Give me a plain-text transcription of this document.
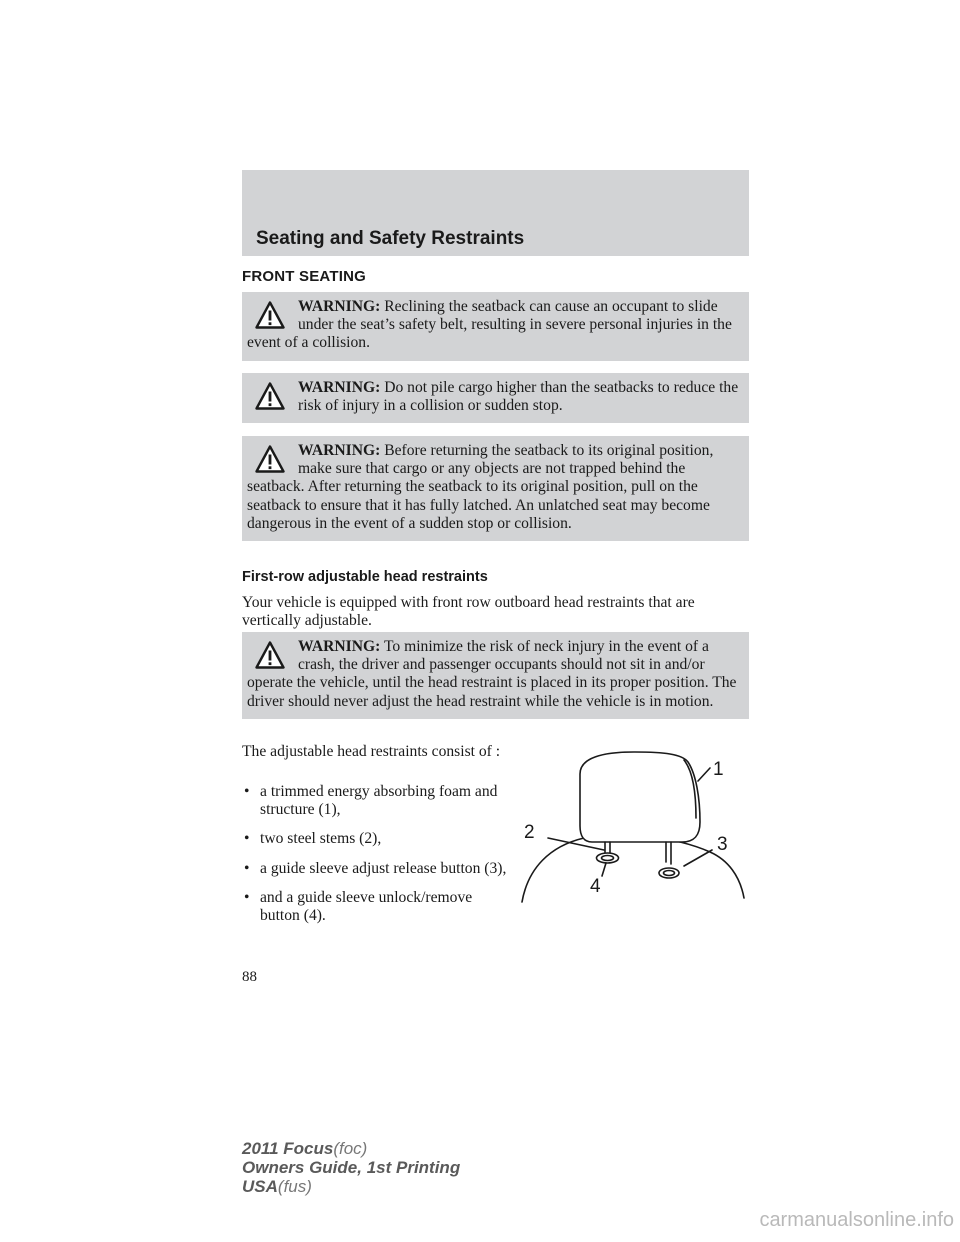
Seating and Safety Restraints
FRONT SEATING

WARNING: Reclining the seatback can cause an occupant to slide under the seat’s safety belt, resulting in severe personal injuries in the event of a collision.

WARNING: Do not pile cargo higher than the seatbacks to reduce the risk of injury in a collision or sudden stop.

WARNING: Before returning the seatback to its original position, make sure that cargo or any objects are not trapped behind the seatback. After returning the seatback to its original position, pull on the seatback to ensure that it has fully latched. An unlatched seat may become dangerous in the event of a sudden stop or collision.

First-row adjustable head restraints

Your vehicle is equipped with front row outboard head restraints that are vertically adjustable.

WARNING: To minimize the risk of neck injury in the event of a crash, the driver and passenger occupants should not sit in and/or operate the vehicle, until the head restraint is placed in its proper position. The driver should never adjust the head restraint while the vehicle is in motion.

The adjustable head restraints consist of :

• a trimmed energy absorbing foam and structure (1),
• two steel stems (2),
• a guide sleeve adjust release button (3),
• and a guide sleeve unlock/remove button (4).
1
2
3
4
88
2011 Focus(foc)
Owners Guide, 1st Printing
USA(fus)
carmanualsonline.info
